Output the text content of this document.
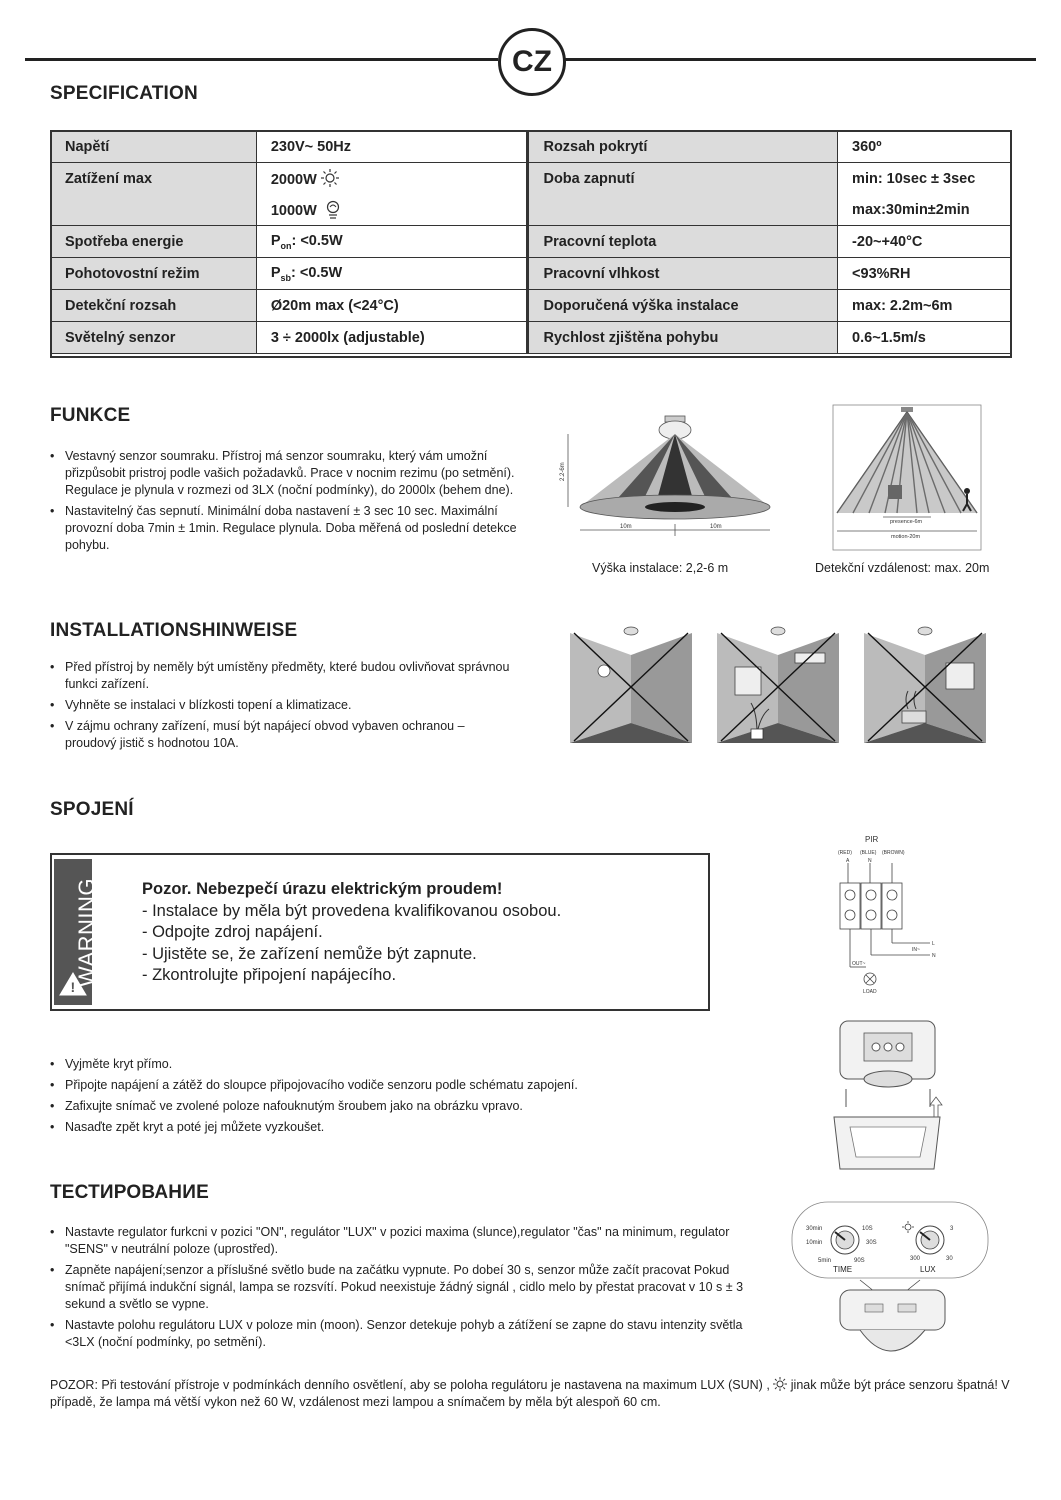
CZ
SPECIFICATION
Napětí	230V~ 50Hz	Rozsah pokrytí	360º
Zatížení max	2000W	Doba zapnutí	min: 10sec ± 3sec
	1000W		max:30min±2min
Spotřeba energie	$P_{on}$: <0.5W	Pracovní teplota	-20~+40°C
Pohotovostní režim	$P_{sb}$: <0.5W	Pracovní vlhkost	<93%RH
Detekční rozsah	Ø20m max (<24°C)	Doporučená výška instalace	max: 2.2m~6m
Světelný senzor	3 ÷ 2000lx (adjustable)	Rychlost zjištěna pohybu	0.6~1.5m/s
FUNKCE
• Vestavný senzor soumraku. Přístroj má senzor soumraku, který vám umožní přizpůsobit pristroj podle vašich požadavků. Prace v nocnim rezimu (po setmění). Regulace je plynula v rozmezi od 3LX (noční podmínky), do 2000lx (behem dne).
• Nastavitelný čas sepnutí. Minimální doba nastavení ± 3 sec 10 sec. Maximální provozní doba 7min ± 1min. Regulace plynula. Doba měřená od poslední detekce pohybu.
2.2-6m
10m	10m
Výška instalace: 2,2-6 m
presence-6m
motion-20m
Detekční vzdálenost: max. 20m
INSTALLATIONSHINWEISE
• Před přístroj by neměly být umístěny předměty, které budou ovlivňovat správnou funkci zařízení.
• Vyhněte se instalaci v blízkosti topení a klimatizace.
• V zájmu ochrany zařízení, musí být napájecí obvod vybaven ochranou – proudový jistič s hodnotou 10A.
SPOJENÍ
WARNING
!
Pozor. Nebezpečí úrazu elektrickým proudem!
- Instalace by měla být provedena kvalifikovanou osobou.
- Odpojte zdroj napájení.
- Ujistěte se, že zařízení nemůže být zapnute.
- Zkontrolujte připojení napájecího.
PIR
(RED) (BLUE) (BROWN)
A	N
L
IN~
N
OUT~
LOAD
• Vyjměte kryt přímo.
• Připojte napájení a zátěž do sloupce připojovacího vodiče senzoru podle schématu zapojení.
• Zafixujte snímač ve zvolené poloze nafouknutým šroubem jako na obrázku vpravo.
• Nasaďte zpět kryt a poté jej můžete vyzkoušet.
ТЕСТИРОВАНИЕ
• Nastavte regulator furkcni v pozici "ON", regulátor "LUX" v pozici maxima (slunce),regulator "čas" na minimum, regulator "SENS" v neutrální poloze (uprostřed).
• Zapněte napájení;senzor a příslušné světlo bude na začátku vypnute. Po dobeí 30 s, senzor může začít pracovat Pokud snímač přijímá indukční signál, lampa se rozsvítí. Pokud neexistuje žádný signál , cidlo melo by přestat pracovat v 10 s ± 3 sekund a světlo se vypne.
• Nastavte polohu regulátoru LUX v poloze min (moon). Senzor detekuje pohyb a zátížení se zapne do stavu intenzity světla <3LX (noční podmínky, po setmění).
30min
10min
5min
10S
30S
90S
TIME
3
300	30
LUX
POZOR: Při testování přístroje v podmínkách denního osvětlení, aby se poloha regulátoru je nastavena na maximum LUX (SUN) ,  jinak může být práce senzoru špatná! V případě, že lampa má větší vykon než 60 W, vzdálenost mezi lampou a snímačem by měla být alespoň 60 cm.
